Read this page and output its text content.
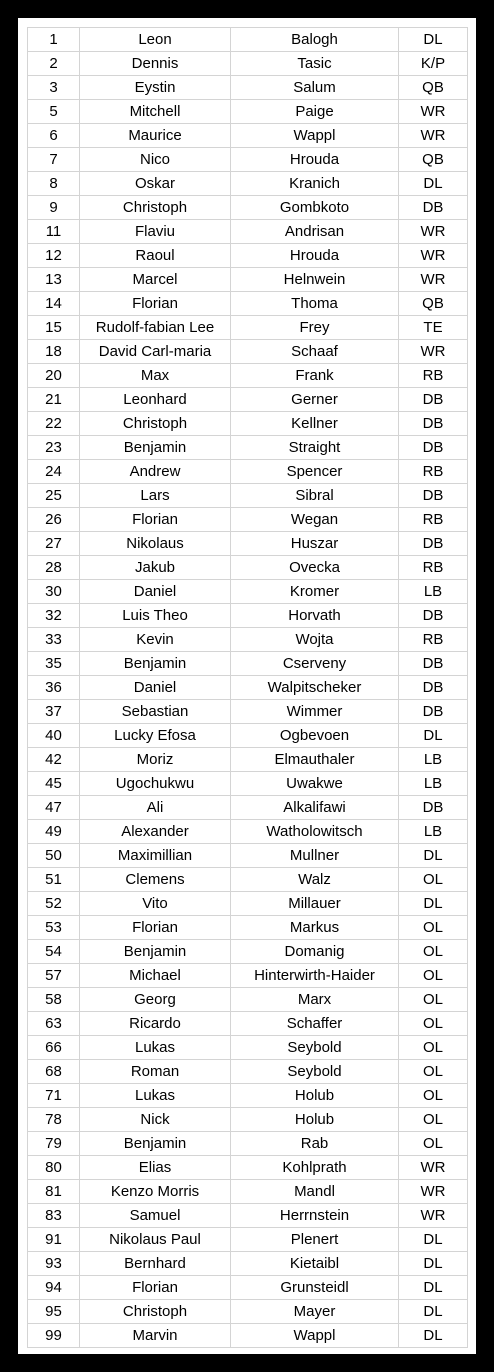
1	Leon	Balogh	DL
2	Dennis	Tasic	K/P
3	Eystin	Salum	QB
5	Mitchell	Paige	WR
6	Maurice	Wappl	WR
7	Nico	Hrouda	QB
8	Oskar	Kranich	DL
9	Christoph	Gombkoto	DB
11	Flaviu	Andrisan	WR
12	Raoul	Hrouda	WR
13	Marcel	Helnwein	WR
14	Florian	Thoma	QB
15	Rudolf-fabian Lee	Frey	TE
18	David Carl-maria	Schaaf	WR
20	Max	Frank	RB
21	Leonhard	Gerner	DB
22	Christoph	Kellner	DB
23	Benjamin	Straight	DB
24	Andrew	Spencer	RB
25	Lars	Sibral	DB
26	Florian	Wegan	RB
27	Nikolaus	Huszar	DB
28	Jakub	Ovecka	RB
30	Daniel	Kromer	LB
32	Luis Theo	Horvath	DB
33	Kevin	Wojta	RB
35	Benjamin	Cserveny	DB
36	Daniel	Walpitscheker	DB
37	Sebastian	Wimmer	DB
40	Lucky Efosa	Ogbevoen	DL
42	Moriz	Elmauthaler	LB
45	Ugochukwu	Uwakwe	LB
47	Ali	Alkalifawi	DB
49	Alexander	Watholowitsch	LB
50	Maximillian	Mullner	DL
51	Clemens	Walz	OL
52	Vito	Millauer	DL
53	Florian	Markus	OL
54	Benjamin	Domanig	OL
57	Michael	Hinterwirth-Haider	OL
58	Georg	Marx	OL
63	Ricardo	Schaffer	OL
66	Lukas	Seybold	OL
68	Roman	Seybold	OL
71	Lukas	Holub	OL
78	Nick	Holub	OL
79	Benjamin	Rab	OL
80	Elias	Kohlprath	WR
81	Kenzo Morris	Mandl	WR
83	Samuel	Herrnstein	WR
91	Nikolaus Paul	Plenert	DL
93	Bernhard	Kietaibl	DL
94	Florian	Grunsteidl	DL
95	Christoph	Mayer	DL
99	Marvin	Wappl	DL
